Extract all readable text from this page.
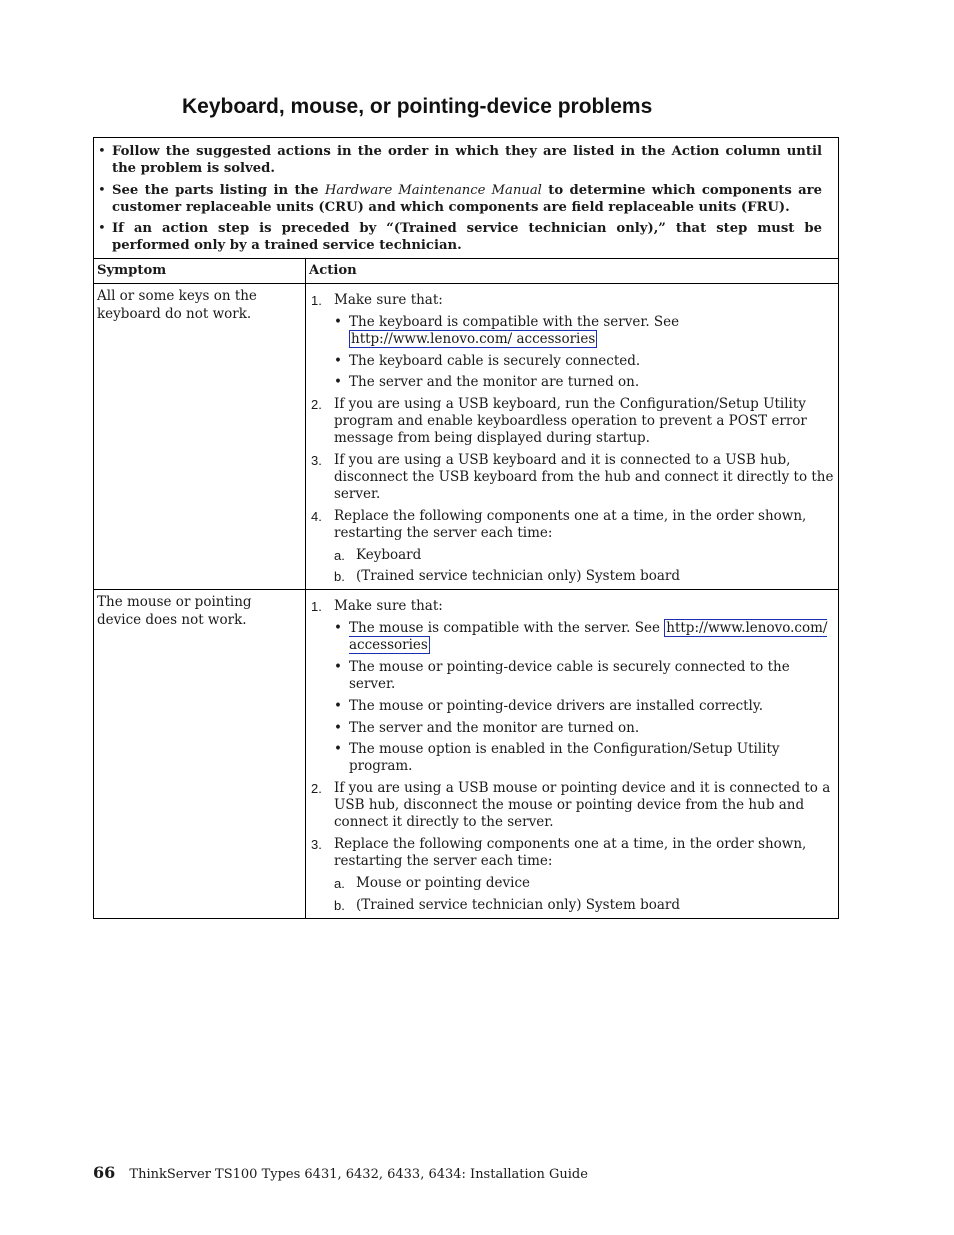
Keyboard, mouse, or pointing-device problems
• Follow the suggested actions in the order in which they are listed in the Action column until the problem is solved.
• See the parts listing in the Hardware Maintenance Manual to determine which components are customer replaceable units (CRU) and which components are field replaceable units (FRU).
• If an action step is preceded by “(Trained service technician only),” that step must be performed only by a trained service technician.
Symptom	Action
All or some keys on the keyboard do not work.
1. Make sure that:
• The keyboard is compatible with the server. See http://www.lenovo.com/ accessories
• The keyboard cable is securely connected.
• The server and the monitor are turned on.
2. If you are using a USB keyboard, run the Configuration/Setup Utility program and enable keyboardless operation to prevent a POST error message from being displayed during startup.
3. If you are using a USB keyboard and it is connected to a USB hub, disconnect the USB keyboard from the hub and connect it directly to the server.
4. Replace the following components one at a time, in the order shown, restarting the server each time:
a. Keyboard
b. (Trained service technician only) System board
The mouse or pointing device does not work.
1. Make sure that:
• The mouse is compatible with the server. See http://www.lenovo.com/ accessories
• The mouse or pointing-device cable is securely connected to the server.
• The mouse or pointing-device drivers are installed correctly.
• The server and the monitor are turned on.
• The mouse option is enabled in the Configuration/Setup Utility program.
2. If you are using a USB mouse or pointing device and it is connected to a USB hub, disconnect the mouse or pointing device from the hub and connect it directly to the server.
3. Replace the following components one at a time, in the order shown, restarting the server each time:
a. Mouse or pointing device
b. (Trained service technician only) System board
66 ThinkServer TS100 Types 6431, 6432, 6433, 6434: Installation Guide
